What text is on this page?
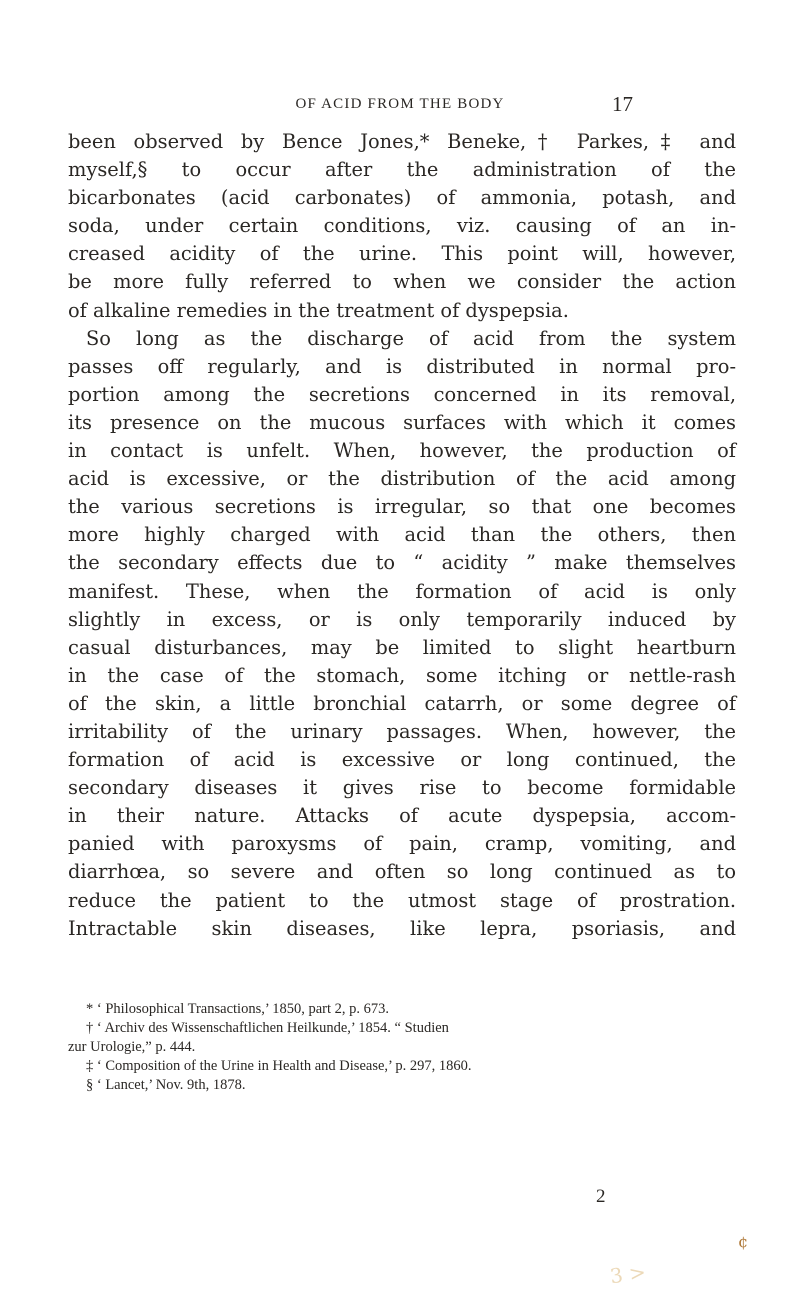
OF ACID FROM THE BODY	17
been observed by Bence Jones,* Beneke,† Parkes,‡ and
myself,§ to occur after the administration of the
bicarbonates (acid carbonates) of ammonia, potash, and
soda, under certain conditions, viz. causing of an in-
creased acidity of the urine. This point will, however,
be more fully referred to when we consider the action
of alkaline remedies in the treatment of dyspepsia.
So long as the discharge of acid from the system
passes off regularly, and is distributed in normal pro-
portion among the secretions concerned in its removal,
its presence on the mucous surfaces with which it comes
in contact is unfelt. When, however, the production of
acid is excessive, or the distribution of the acid among
the various secretions is irregular, so that one becomes
more highly charged with acid than the others, then
the secondary effects due to “ acidity ” make themselves
manifest. These, when the formation of acid is only
slightly in excess, or is only temporarily induced by
casual disturbances, may be limited to slight heartburn
in the case of the stomach, some itching or nettle-rash
of the skin, a little bronchial catarrh, or some degree of
irritability of the urinary passages. When, however, the
formation of acid is excessive or long continued, the
secondary diseases it gives rise to become formidable
in their nature. Attacks of acute dyspepsia, accom-
panied with paroxysms of pain, cramp, vomiting, and
diarrhœa, so severe and often so long continued as to
reduce the patient to the utmost stage of prostration.
Intractable skin diseases, like lepra, psoriasis, and
* ‘ Philosophical Transactions,’ 1850, part 2, p. 673.
† ‘ Archiv des Wissenschaftlichen Heilkunde,’ 1854. “ Studien
zur Urologie,” p. 444.
‡ ‘ Composition of the Urine in Health and Disease,’ p. 297, 1860.
§ ‘ Lancet,’ Nov. 9th, 1878.
2
¢
3 >
